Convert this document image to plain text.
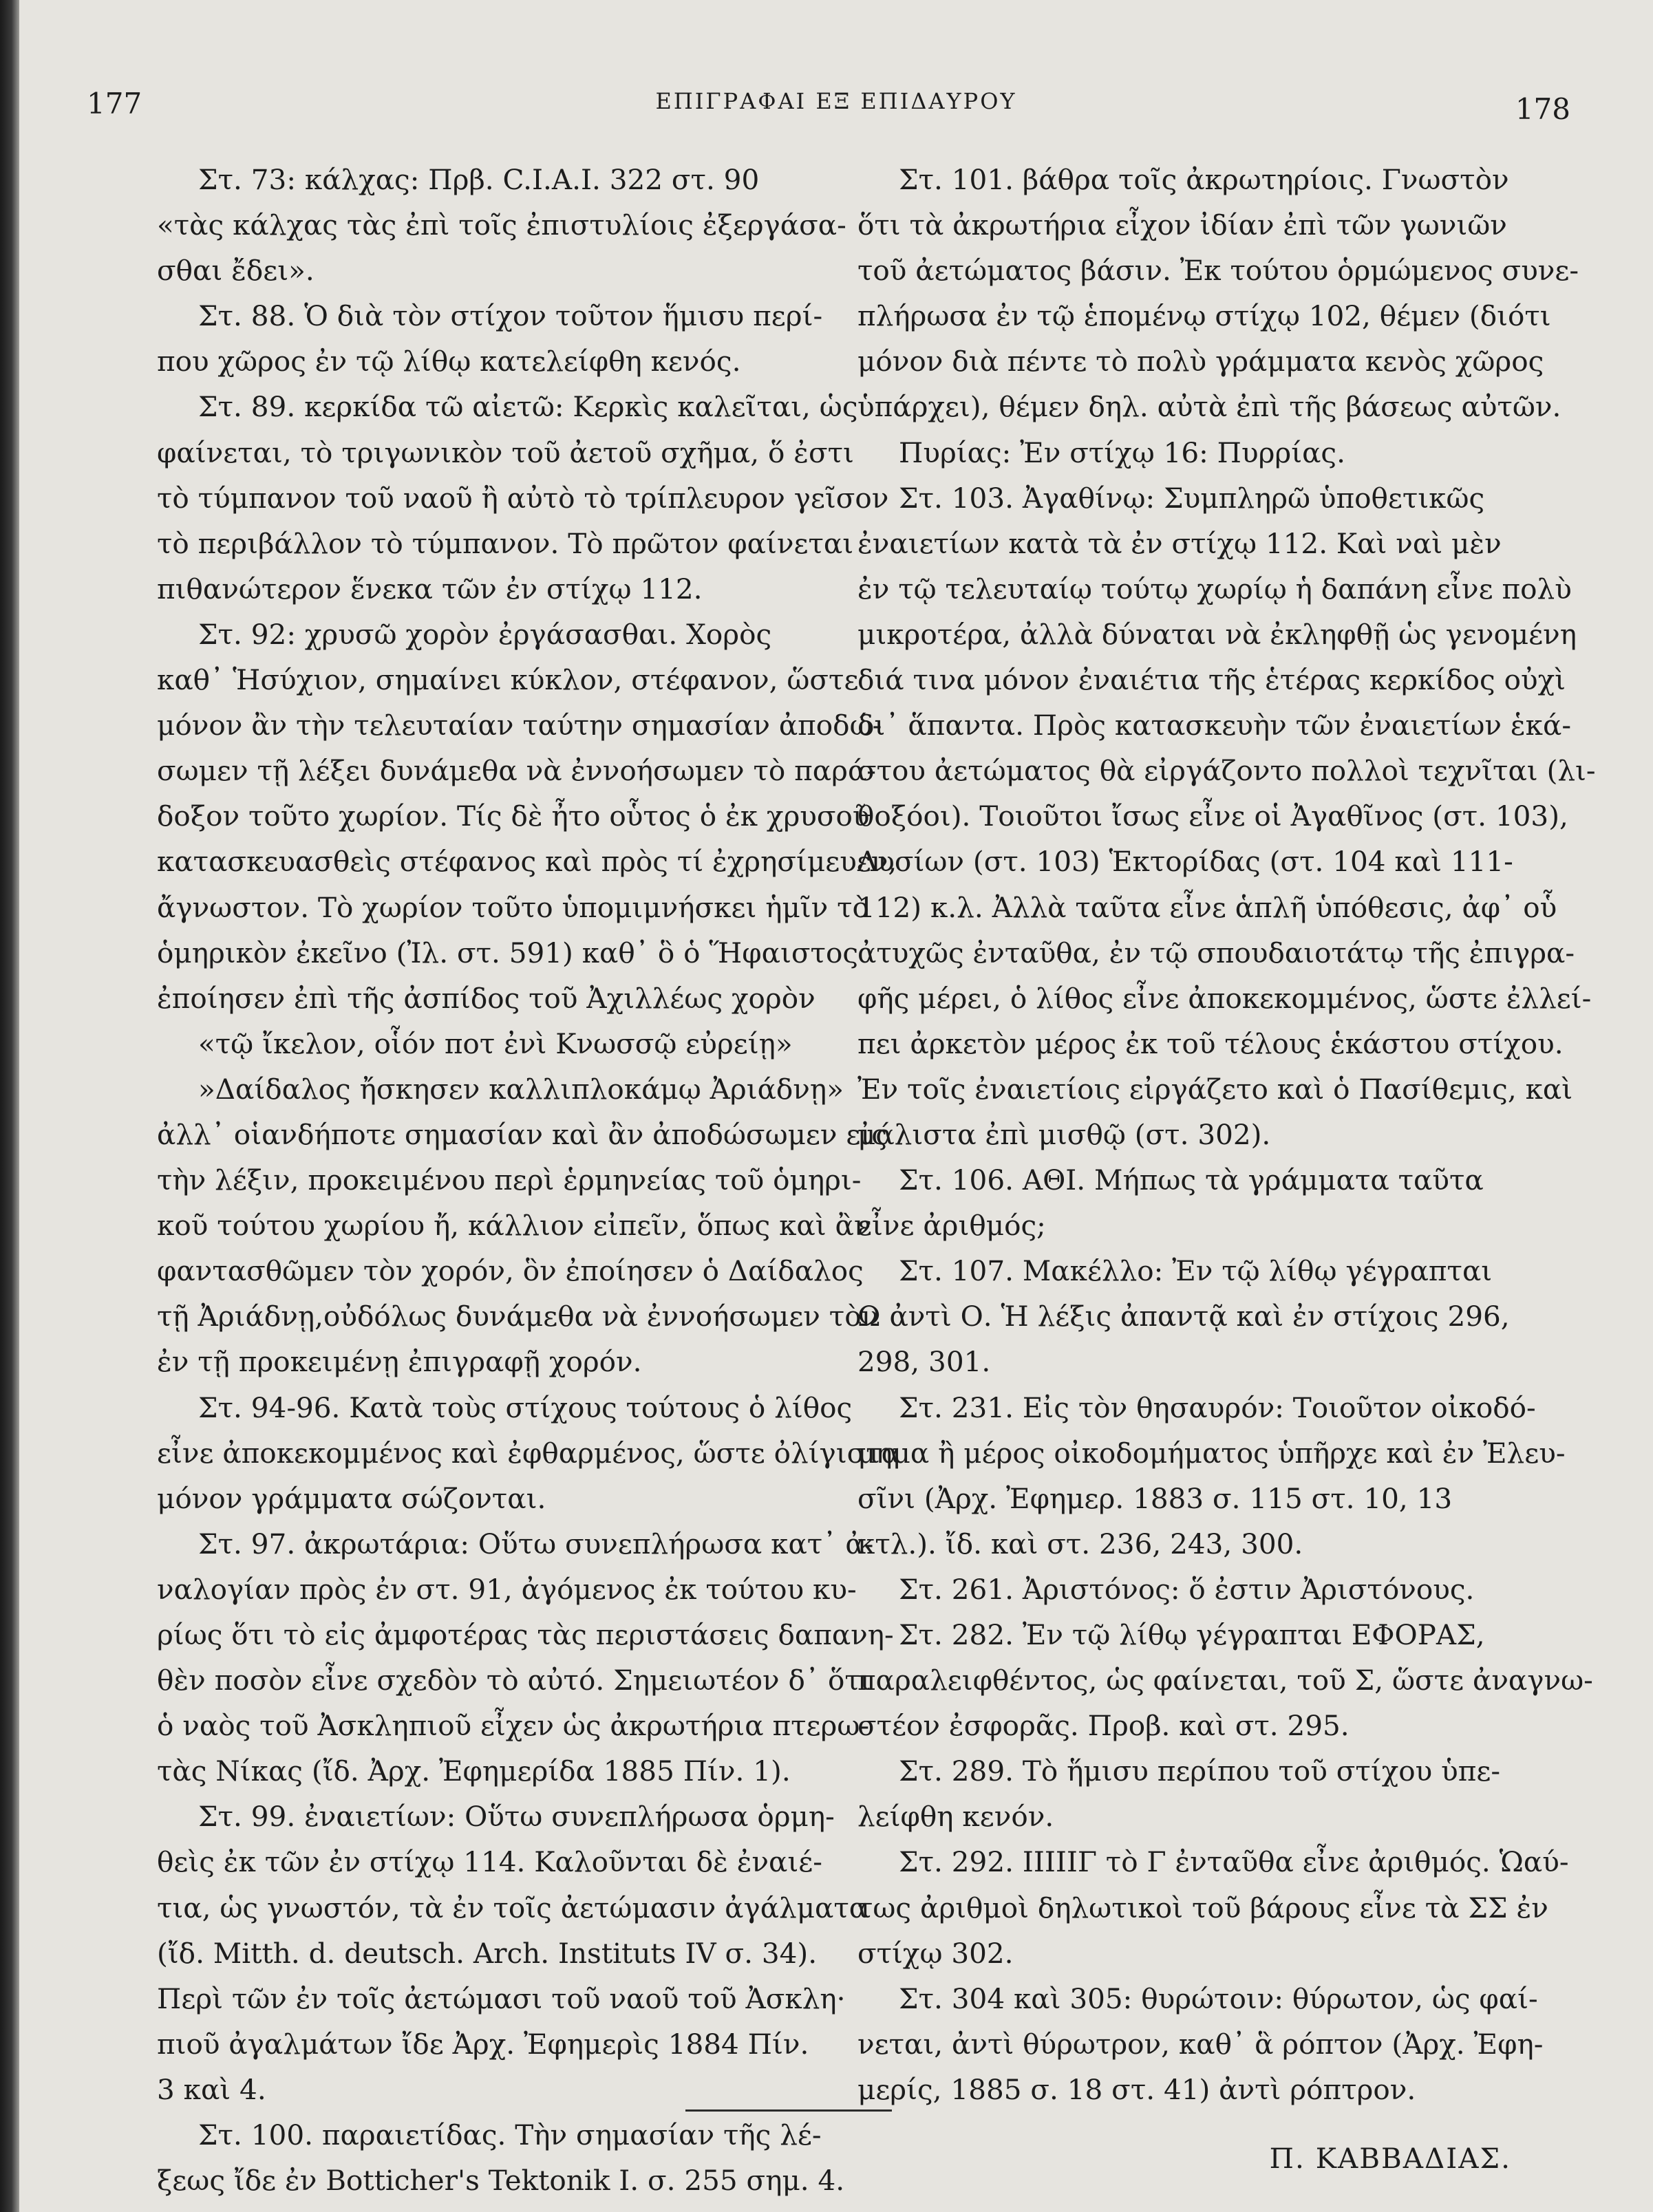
177	ΕΠΙΓΡΑΦΑΙ ΕΞ ΕΠΙΔΑΥΡΟΥ	178

Στ. 73: κάλχας: Πρβ. C.I.A.I. 322 στ. 90

«τὰς κάλχας τὰς ἐπὶ τοῖς ἐπιστυλίοις ἐξεργάσα-

σθαι ἔδει».

Στ. 88. Ὁ διὰ τὸν στίχον τοῦτον ἥμισυ περί-

που χῶρος ἐν τῷ λίθῳ κατελείφθη κενός.

Στ. 89. κερκίδα τῶ αἰετῶ: Κερκὶς καλεῖται, ὡς

φαίνεται, τὸ τριγωνικὸν τοῦ ἀετοῦ σχῆμα, ὅ ἐστι

τὸ τύμπανον τοῦ ναοῦ ἢ αὐτὸ τὸ τρίπλευρον γεῖσον

τὸ περιβάλλον τὸ τύμπανον. Τὸ πρῶτον φαίνεται

πιθανώτερον ἕνεκα τῶν ἐν στίχῳ 112.

Στ. 92: χρυσῶ χορὸν ἐργάσασθαι. Χορὸς

καθ᾽ Ἡσύχιον, σημαίνει κύκλον, στέφανον, ὥστε

μόνον ἂν τὴν τελευταίαν ταύτην σημασίαν ἀποδώ-

σωμεν τῇ λέξει δυνάμεθα νὰ ἐννοήσωμεν τὸ παρά-

δοξον τοῦτο χωρίον. Τίς δὲ ἦτο οὗτος ὁ ἐκ χρυσοῦ

κατασκευασθεὶς στέφανος καὶ πρὸς τί ἐχρησίμευεν,

ἄγνωστον. Τὸ χωρίον τοῦτο ὑπομιμνήσκει ἡμῖν τὸ

ὁμηρικὸν ἐκεῖνο (Ἰλ. στ. 591) καθ᾽ ὃ ὁ Ἥφαιστος

ἐποίησεν ἐπὶ τῆς ἀσπίδος τοῦ Ἀχιλλέως χορὸν

«τῷ ἴκελον, οἷόν ποτ ἐνὶ Κνωσσῷ εὐρείῃ»

»Δαίδαλος ἤσκησεν καλλιπλοκάμῳ Ἀριάδνῃ»

ἀλλ᾽ οἱανδήποτε σημασίαν καὶ ἂν ἀποδώσωμεν εἰς

τὴν λέξιν, προκειμένου περὶ ἑρμηνείας τοῦ ὁμηρι-

κοῦ τούτου χωρίου ἤ, κάλλιον εἰπεῖν, ὅπως καὶ ἂν

φαντασθῶμεν τὸν χορόν, ὃν ἐποίησεν ὁ Δαίδαλος

τῇ Ἀριάδνῃ,οὐδόλως δυνάμεθα νὰ ἐννοήσωμεν τὸν

ἐν τῇ προκειμένῃ ἐπιγραφῇ χορόν.

Στ. 94-96. Κατὰ τοὺς στίχους τούτους ὁ λίθος

εἶνε ἀποκεκομμένος καὶ ἐφθαρμένος, ὥστε ὀλίγιστα

μόνον γράμματα σώζονται.

Στ. 97. ἀκρωτάρια: Οὕτω συνεπλήρωσα κατ᾽ ἀ-

ναλογίαν πρὸς ἐν στ. 91, ἀγόμενος ἐκ τούτου κυ-

ρίως ὅτι τὸ εἰς ἀμφοτέρας τὰς περιστάσεις δαπανη-

θὲν ποσὸν εἶνε σχεδὸν τὸ αὐτό. Σημειωτέον δ᾽ ὅτι

ὁ ναὸς τοῦ Ἀσκληπιοῦ εἶχεν ὡς ἀκρωτήρια πτερω-

τὰς Νίκας (ἴδ. Ἀρχ. Ἐφημερίδα 1885 Πίν. 1).

Στ. 99. ἐναιετίων: Οὕτω συνεπλήρωσα ὁρμη-

θεὶς ἐκ τῶν ἐν στίχῳ 114. Καλοῦνται δὲ ἐναιέ-

τια, ὡς γνωστόν, τὰ ἐν τοῖς ἀετώμασιν ἀγάλματα

(ἴδ. Mitth. d. deutsch. Arch. Instituts IV σ. 34).

Περὶ τῶν ἐν τοῖς ἀετώμασι τοῦ ναοῦ τοῦ Ἀσκλη·

πιοῦ ἀγαλμάτων ἴδε Ἀρχ. Ἐφημερὶς 1884 Πίν.

3 καὶ 4.

Στ. 100. παραιετίδας. Τὴν σημασίαν τῆς λέ-

ξεως ἴδε ἐν Botticher's Tektonik I. σ. 255 σημ. 4.

Στ. 101. βάθρα τοῖς ἀκρωτηρίοις. Γνωστὸν

ὅτι τὰ ἀκρωτήρια εἶχον ἰδίαν ἐπὶ τῶν γωνιῶν

τοῦ ἀετώματος βάσιν. Ἐκ τούτου ὁρμώμενος συνε-

πλήρωσα ἐν τῷ ἑπομένῳ στίχῳ 102, θέμεν (διότι

μόνον διὰ πέντε τὸ πολὺ γράμματα κενὸς χῶρος

ὑπάρχει), θέμεν δηλ. αὐτὰ ἐπὶ τῆς βάσεως αὐτῶν.

Πυρίας: Ἐν στίχῳ 16: Πυρρίας.

Στ. 103. Ἀγαθίνῳ: Συμπληρῶ ὑποθετικῶς

ἐναιετίων κατὰ τὰ ἐν στίχῳ 112. Καὶ ναὶ μὲν

ἐν τῷ τελευταίῳ τούτῳ χωρίῳ ἡ δαπάνη εἶνε πολὺ

μικροτέρα, ἀλλὰ δύναται νὰ ἐκληφθῇ ὡς γενομένη

διά τινα μόνον ἐναιέτια τῆς ἑτέρας κερκίδος οὐχὶ

δι᾽ ἅπαντα. Πρὸς κατασκευὴν τῶν ἐναιετίων ἑκά-

στου ἀετώματος θὰ εἰργάζοντο πολλοὶ τεχνῖται (λι-

θοξόοι). Τοιοῦτοι ἴσως εἶνε οἱ Ἀγαθῖνος (στ. 103),

Λυσίων (στ. 103) Ἑκτορίδας (στ. 104 καὶ 111-

112) κ.λ. Ἀλλὰ ταῦτα εἶνε ἁπλῆ ὑπόθεσις, ἀφ᾽ οὗ

ἀτυχῶς ἐνταῦθα, ἐν τῷ σπουδαιοτάτῳ τῆς ἐπιγρα-

φῆς μέρει, ὁ λίθος εἶνε ἀποκεκομμένος, ὥστε ἐλλεί-

πει ἀρκετὸν μέρος ἐκ τοῦ τέλους ἑκάστου στίχου.

Ἐν τοῖς ἐναιετίοις εἰργάζετο καὶ ὁ Πασίθεμις, καὶ

μάλιστα ἐπὶ μισθῷ (στ. 302).

Στ. 106. ΑΘΙ. Μήπως τὰ γράμματα ταῦτα

εἶνε ἀριθμός;

Στ. 107. Μακέλλο: Ἐν τῷ λίθῳ γέγραπται

Ω ἀντὶ Ο. Ἡ λέξις ἀπαντᾷ καὶ ἐν στίχοις 296,

298, 301.

Στ. 231. Εἰς τὸν θησαυρόν: Τοιοῦτον οἰκοδό-

μημα ἢ μέρος οἰκοδομήματος ὑπῆρχε καὶ ἐν Ἐλευ-

σῖνι (Ἀρχ. Ἐφημερ. 1883 σ. 115 στ. 10, 13

κτλ.). ἴδ. καὶ στ. 236, 243, 300.

Στ. 261. Ἀριστόνος: ὅ ἐστιν Ἀριστόνους.

Στ. 282. Ἐν τῷ λίθῳ γέγραπται ΕΦΟΡΑΣ,

παραλειφθέντος, ὡς φαίνεται, τοῦ Σ, ὥστε ἀναγνω-

στέον ἐσφορᾶς. Προβ. καὶ στ. 295.

Στ. 289. Τὸ ἥμισυ περίπου τοῦ στίχου ὑπε-

λείφθη κενόν.

Στ. 292. ΙΙΙΙΙΓ τὸ Γ ἐνταῦθα εἶνε ἀριθμός. Ὡαύ-

τως ἀριθμοὶ δηλωτικοὶ τοῦ βάρους εἶνε τὰ ΣΣ ἐν

στίχῳ 302.

Στ. 304 καὶ 305: θυρώτοιν: θύρωτον, ὡς φαί-

νεται, ἀντὶ θύρωτρον, καθ᾽ ἃ ρόπτον (Ἀρχ. Ἐφη-

μερίς, 1885 σ. 18 στ. 41) ἀντὶ ρόπτρον.

Π. ΚΑΒΒΑΔΙΑΣ.
